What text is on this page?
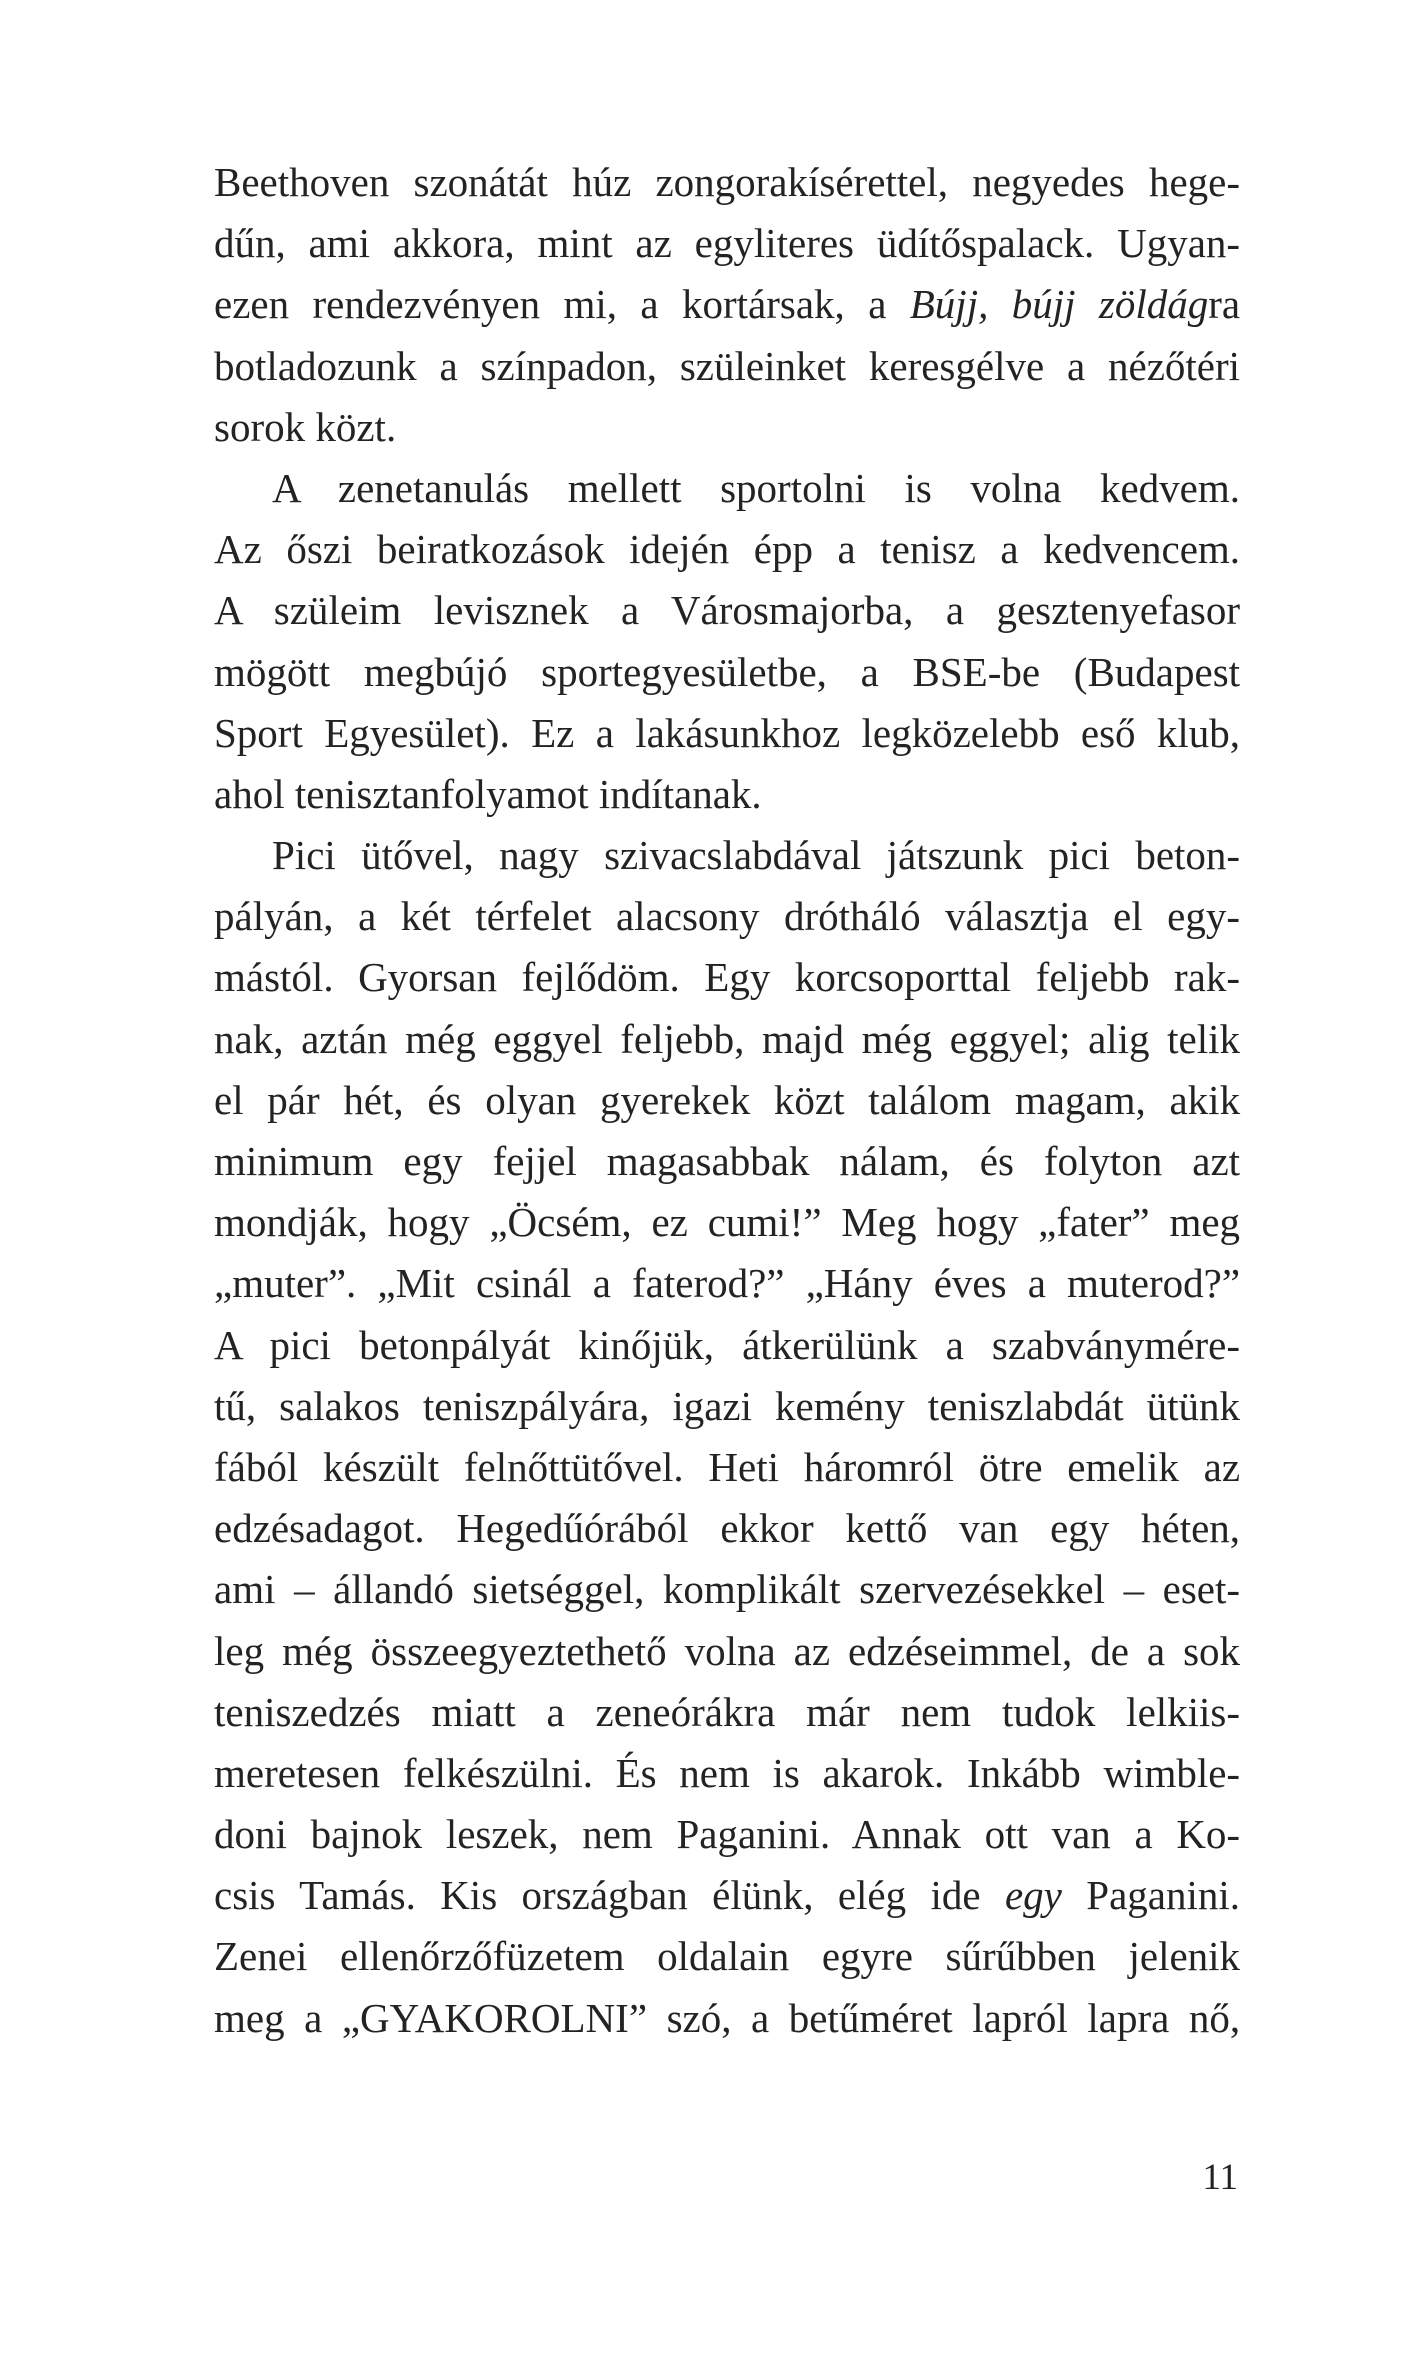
Beethoven szonátát húz zongorakísérettel, negyedes hege-
dűn, ami akkora, mint az egyliteres üdítőspalack. Ugyan-
ezen rendezvényen mi, a kortársak, a Bújj, bújj zöldágra
botladozunk a színpadon, szüleinket keresgélve a nézőtéri
sorok közt.
A zenetanulás mellett sportolni is volna kedvem.
Az őszi beiratkozások idején épp a tenisz a kedvencem.
A szüleim levisznek a Városmajorba, a gesztenyefasor
mögött megbújó sportegyesületbe, a BSE-be (Budapest
Sport Egyesület). Ez a lakásunkhoz legközelebb eső klub,
ahol tenisztanfolyamot indítanak.
Pici ütővel, nagy szivacslabdával játszunk pici beton-
pályán, a két térfelet alacsony drótháló választja el egy-
mástól. Gyorsan fejlődöm. Egy korcsoporttal feljebb rak-
nak, aztán még eggyel feljebb, majd még eggyel; alig telik
el pár hét, és olyan gyerekek közt találom magam, akik
minimum egy fejjel magasabbak nálam, és folyton azt
mondják, hogy „Öcsém, ez cumi!” Meg hogy „fater” meg
„muter”. „Mit csinál a faterod?” „Hány éves a muterod?”
A pici betonpályát kinőjük, átkerülünk a szabványmére-
tű, salakos teniszpályára, igazi kemény teniszlabdát ütünk
fából készült felnőttütővel. Heti háromról ötre emelik az
edzésadagot. Hegedűórából ekkor kettő van egy héten,
ami – állandó sietséggel, komplikált szervezésekkel – eset-
leg még összeegyeztethető volna az edzéseimmel, de a sok
teniszedzés miatt a zeneórákra már nem tudok lelkiis-
meretesen felkészülni. És nem is akarok. Inkább wimble-
doni bajnok leszek, nem Paganini. Annak ott van a Ko-
csis Tamás. Kis országban élünk, elég ide egy Paganini.
Zenei ellenőrzőfüzetem oldalain egyre sűrűbben jelenik
meg a „GYAKOROLNI” szó, a betűméret lapról lapra nő,
11
